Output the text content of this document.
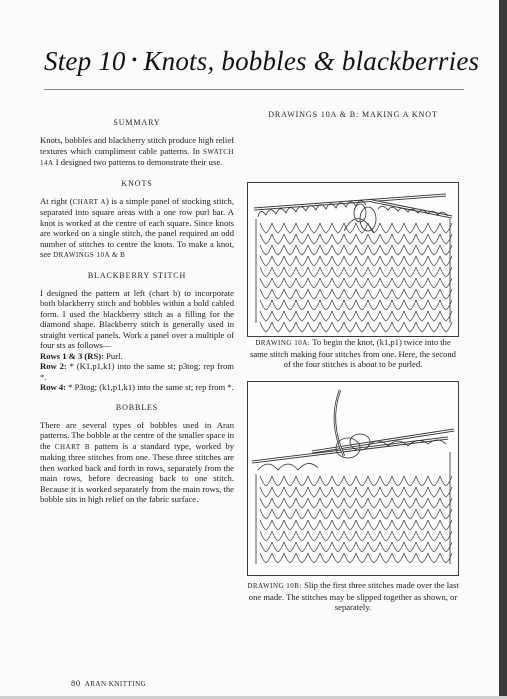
Step 10 • Knots, bobbles & blackberries
SUMMARY

Knots, bobbles and blackberry stitch produce high relief textures which compliment cable patterns. In SWATCH 14A I designed two patterns to demonstrate their use.

KNOTS

At right (CHART A) is a simple panel of stocking stitch, separated into square areas with a one row purl bar. A knot is worked at the centre of each square. Since knots are worked on a single stitch, the panel required an odd number of stitches to centre the knots. To make a knot, see DRAWINGS 10A & B

BLACKBERRY STITCH

I designed the pattern at left (chart b) to incorporate both blackberry stitch and bobbles within a bold cabled form. I used the blackberry stitch as a filling for the diamond shape. Blackberry stitch is generally used in straight vertical panels. Work a panel over a multiple of four sts as follows—

Rows 1 & 3 (RS): Purl.

Row 2: * (K1,p1,k1) into the same st; p3tog; rep from *.

Row 4: * P3tog; (k1,p1,k1) into the same st; rep from *.

BOBBLES

There are several types of bobbles used in Aran patterns. The bobble at the centre of the smaller space in the CHART B pattern is a standard type, worked by making three stitches from one. These three stitches are then worked back and forth in rows, separately from the main rows, before decreasing back to one stitch. Because it is worked separately from the main rows, the bobble sits in high relief on the fabric surface.

DRAWINGS 10A & B: MAKING A KNOT
DRAWING 10A: To begin the knot, (k1,p1) twice into the same stitch making four stitches from one. Here, the second of the four stitches is about to be purled.
DRAWING 10B: Slip the first three stitches made over the last one made. The stitches may be slipped together as shown, or separately.
80 ARAN KNITTING
